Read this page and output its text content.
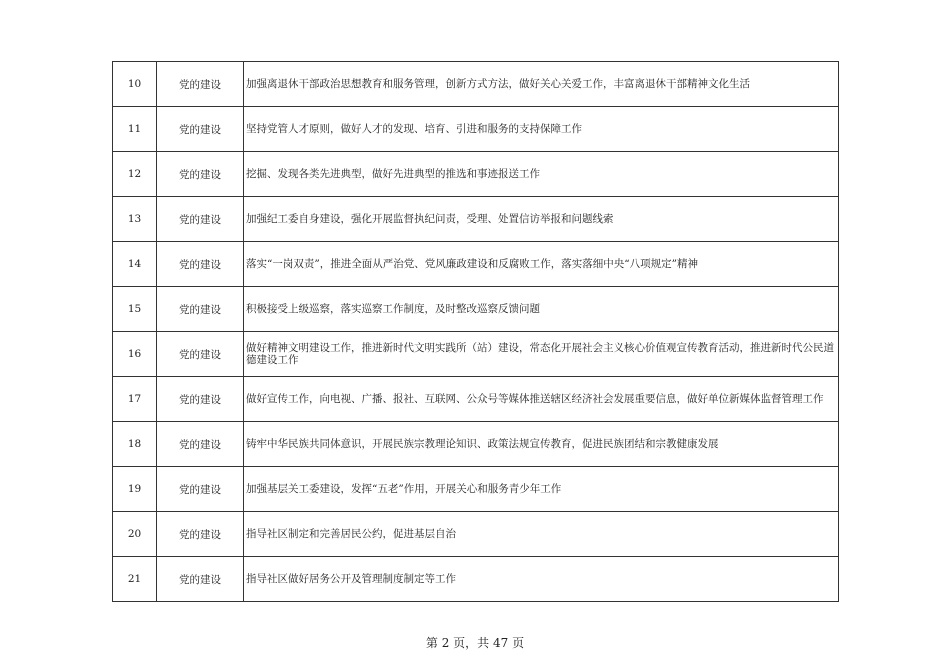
10	党的建设	加强离退休干部政治思想教育和服务管理，创新方式方法，做好关心关爱工作，丰富离退休干部精神文化生活
11	党的建设	坚持党管人才原则，做好人才的发现、培育、引进和服务的支持保障工作
12	党的建设	挖掘、发现各类先进典型，做好先进典型的推选和事迹报送工作
13	党的建设	加强纪工委自身建设，强化开展监督执纪问责，受理、处置信访举报和问题线索
14	党的建设	落实“一岗双责”，推进全面从严治党、党风廉政建设和反腐败工作，落实落细中央“八项规定”精神
15	党的建设	积极接受上级巡察，落实巡察工作制度，及时整改巡察反馈问题
16	党的建设	做好精神文明建设工作，推进新时代文明实践所（站）建设，常态化开展社会主义核心价值观宣传教育活动，推进新时代公民道德建设工作
17	党的建设	做好宣传工作，向电视、广播、报社、互联网、公众号等媒体推送辖区经济社会发展重要信息，做好单位新媒体监督管理工作
18	党的建设	铸牢中华民族共同体意识，开展民族宗教理论知识、政策法规宣传教育，促进民族团结和宗教健康发展
19	党的建设	加强基层关工委建设，发挥“五老”作用，开展关心和服务青少年工作
20	党的建设	指导社区制定和完善居民公约，促进基层自治
21	党的建设	指导社区做好居务公开及管理制度制定等工作
第 2 页，共 47 页
